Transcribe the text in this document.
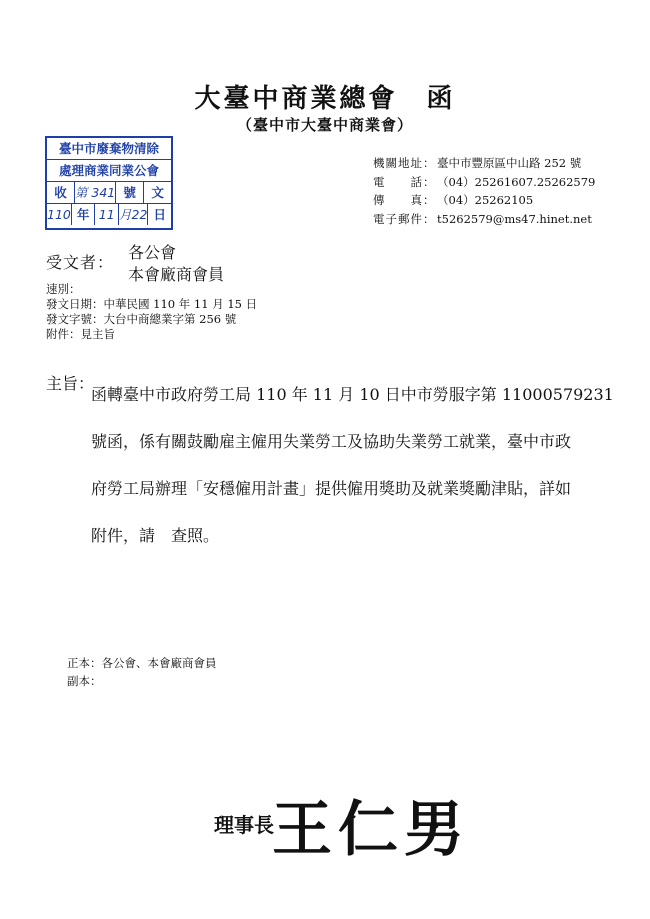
大臺中商業總會　函
（臺中市大臺中商業會）
臺中市廢棄物清除
處理商業同業公會
收 第 341 號	文
110 年 11 月22 日
機關地址： 臺中市豐原區中山路 252 號
電　　話： （04）25261607.25262579
傳　　真： （04）25262105
電子郵件： t5262579@ms47.hinet.net
受文者：
各公會
本會廠商會員
速別：
發文日期：中華民國 110 年 11 月 15 日
發文字號：大台中商總業字第 256 號
附件：見主旨
主旨：
函轉臺中市政府勞工局 110 年 11 月 10 日中市勞服字第 11000579231
號函，係有關鼓勵雇主僱用失業勞工及協助失業勞工就業，臺中市政
府勞工局辦理「安穩僱用計畫」提供僱用獎助及就業獎勵津貼，詳如
附件，請　查照。
正本：各公會、本會廠商會員
副本：
理事長
王仁男
